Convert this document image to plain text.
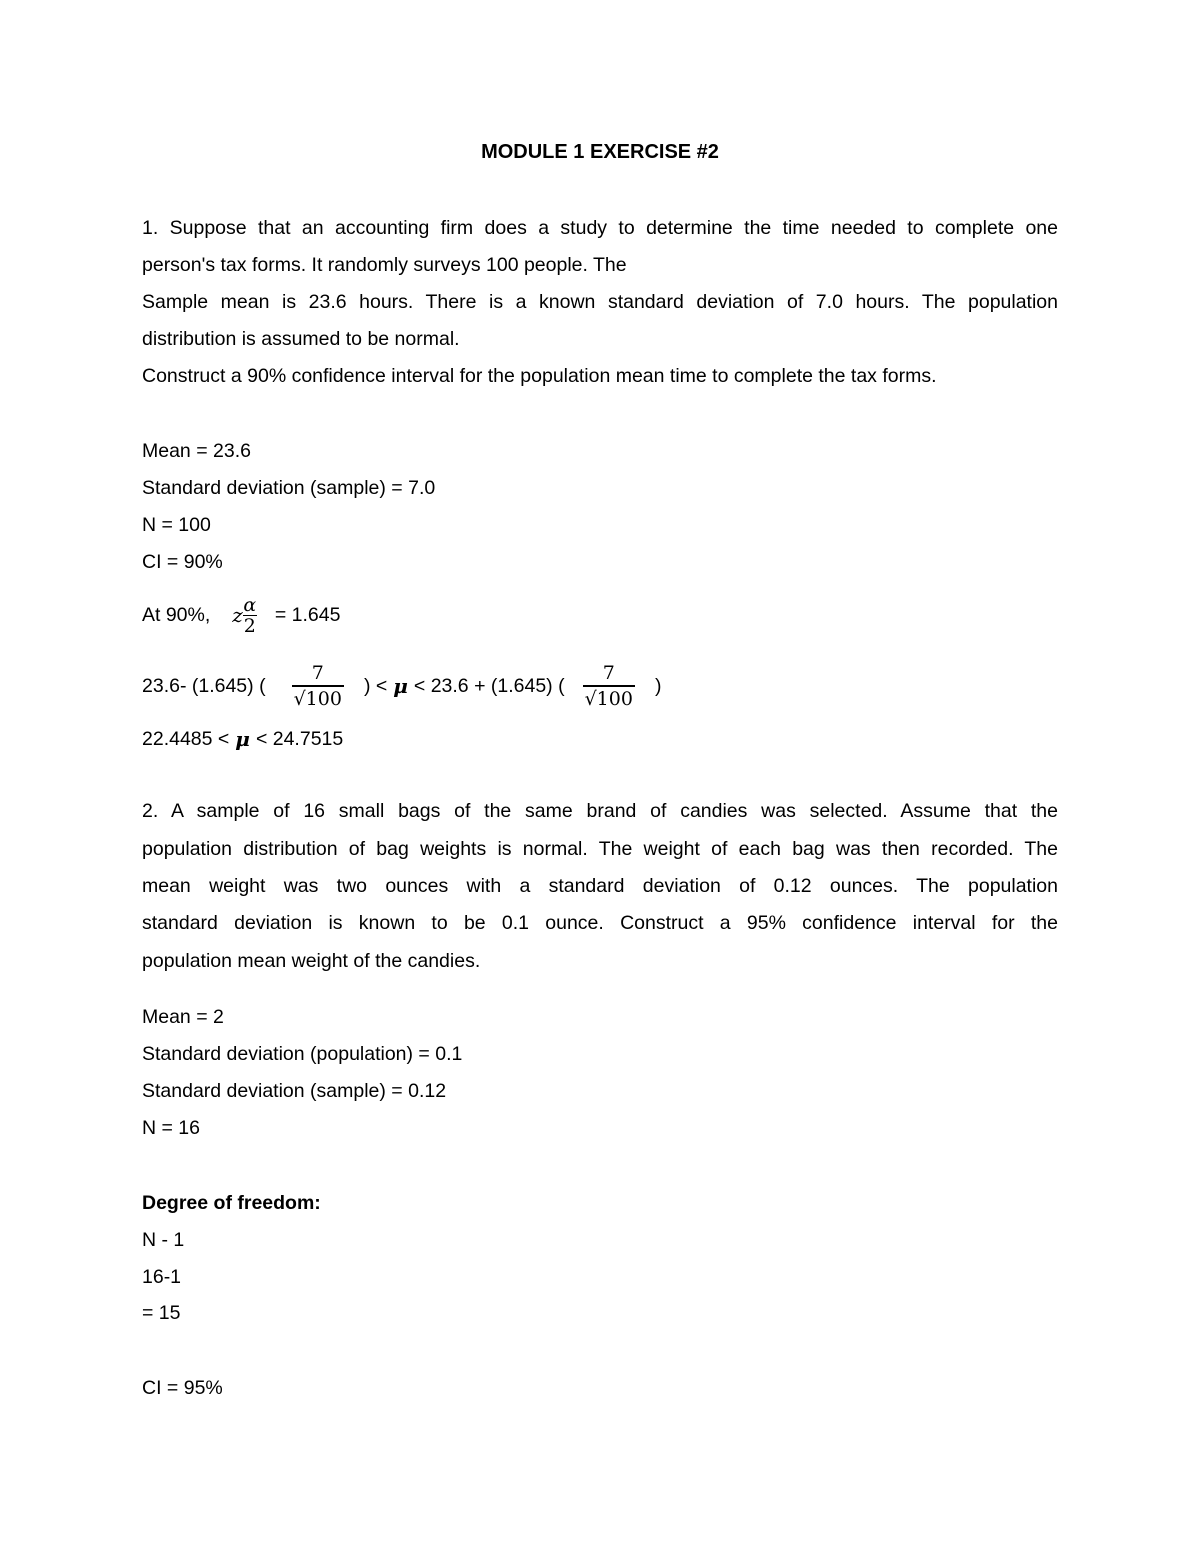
MODULE 1 EXERCISE #2
1. Suppose that an accounting firm does a study to determine the time needed to complete one
person's tax forms. It randomly surveys 100 people. The
Sample mean is 23.6 hours. There is a known standard deviation of 7.0 hours. The population
distribution is assumed to be normal.
Construct a 90% confidence interval for the population mean time to complete the tax forms.
Mean = 23.6
Standard deviation (sample) = 7.0
N = 100
CI = 90%
At 90%, z $\frac{\alpha}{2} = 1.645$
23.6- (1.645) ( $\frac{7}{√100}$ ) < μ < 23.6 + (1.645) ( $\frac{7}{√100}$ )
22.4485 < μ < 24.7515
2. A sample of 16 small bags of the same brand of candies was selected. Assume that the
population distribution of bag weights is normal. The weight of each bag was then recorded. The
mean weight was two ounces with a standard deviation of 0.12 ounces. The population
standard deviation is known to be 0.1 ounce. Construct a 95% confidence interval for the
population mean weight of the candies.
Mean = 2
Standard deviation (population) = 0.1
Standard deviation (sample) = 0.12
N = 16
Degree of freedom:
N - 1
16-1
= 15
CI = 95%
